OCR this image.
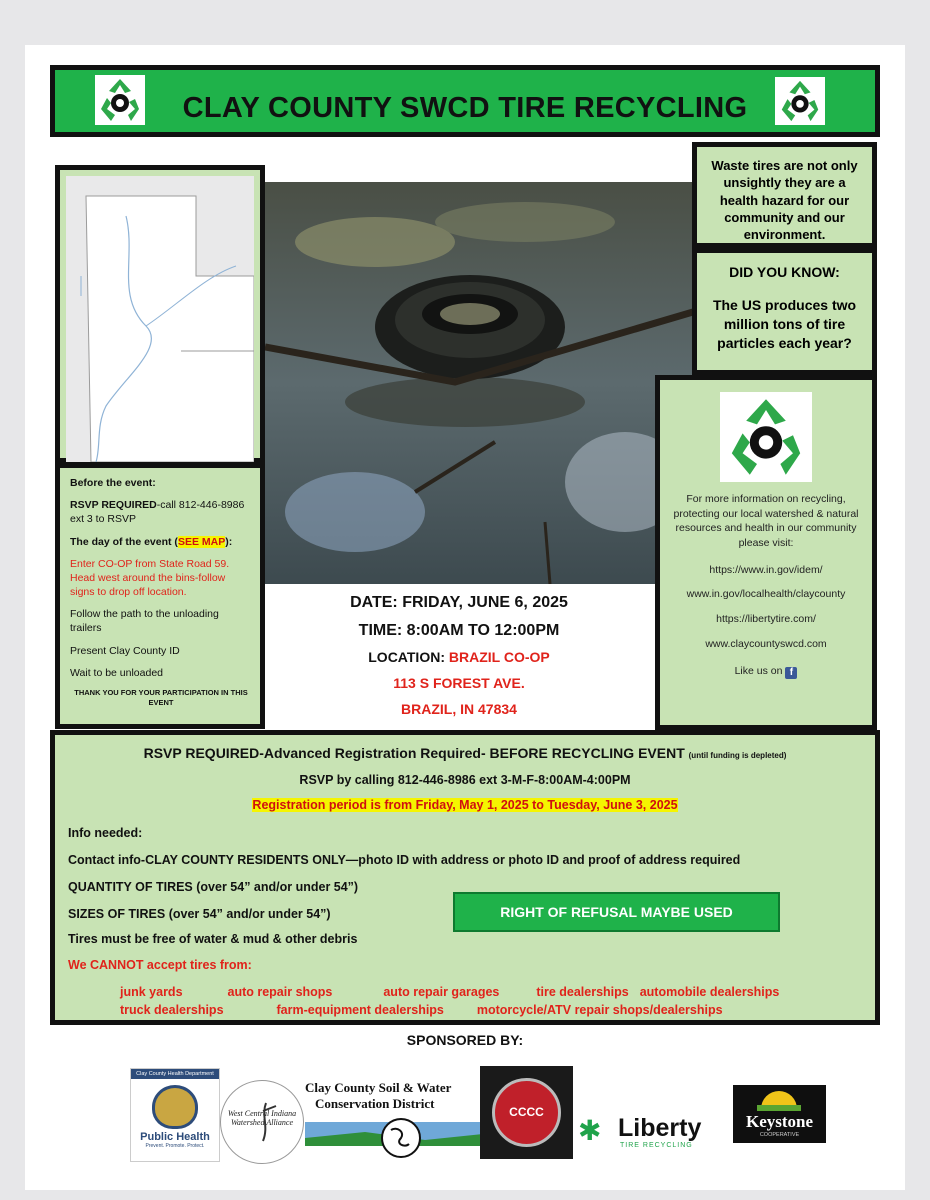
CLAY COUNTY SWCD TIRE RECYCLING

Before the event:

RSVP REQUIRED-call 812-446-8986 ext 3 to RSVP

The day of the event (SEE MAP):

Enter CO-OP from State Road 59. Head west around the bins-follow signs to drop off location.

Follow the path to the unloading trailers

Present Clay County ID

Wait to be unloaded

THANK YOU FOR YOUR PARTICIPATION IN THIS EVENT

DATE: FRIDAY, JUNE 6, 2025
TIME: 8:00AM TO 12:00PM
LOCATION: BRAZIL CO-OP
113 S FOREST AVE.
BRAZIL, IN 47834
Waste tires are not only unsightly they are a health hazard for our community and our environment.
DID YOU KNOW:
The US produces two million tons of tire particles each year?
For more information on recycling, protecting our local watershed & natural resources and health in our community please visit:
https://www.in.gov/idem/
www.in.gov/localhealth/claycounty
https://libertytire.com/
www.claycountyswcd.com
Like us on f
RSVP REQUIRED-Advanced Registration Required- BEFORE RECYCLING EVENT (until funding is depleted)
RSVP by calling 812-446-8986 ext 3-M-F-8:00AM-4:00PM
Registration period is from Friday, May 1, 2025 to Tuesday, June 3, 2025
Info needed:
Contact info-CLAY COUNTY RESIDENTS ONLY—photo ID with address or photo ID and proof of address required
QUANTITY OF TIRES (over 54” and/or under 54”)
SIZES OF TIRES (over 54” and/or under 54”)
Tires must be free of water & mud & other debris
We CANNOT accept tires from:
junk yards	auto repair shops	auto repair garages	tire dealerships automobile dealerships
truck dealerships	farm-equipment dealerships	motorcycle/ATV repair shops/dealerships
RIGHT OF REFUSAL MAYBE USED
SPONSORED BY:
Clay County Health Department
Public Health
Prevent. Promote. Protect.
West Central Indiana Watershed Alliance
Clay County Soil & Water
Conservation District
CCCC
✱ Liberty
TIRE RECYCLING
Keystone
COOPERATIVE
